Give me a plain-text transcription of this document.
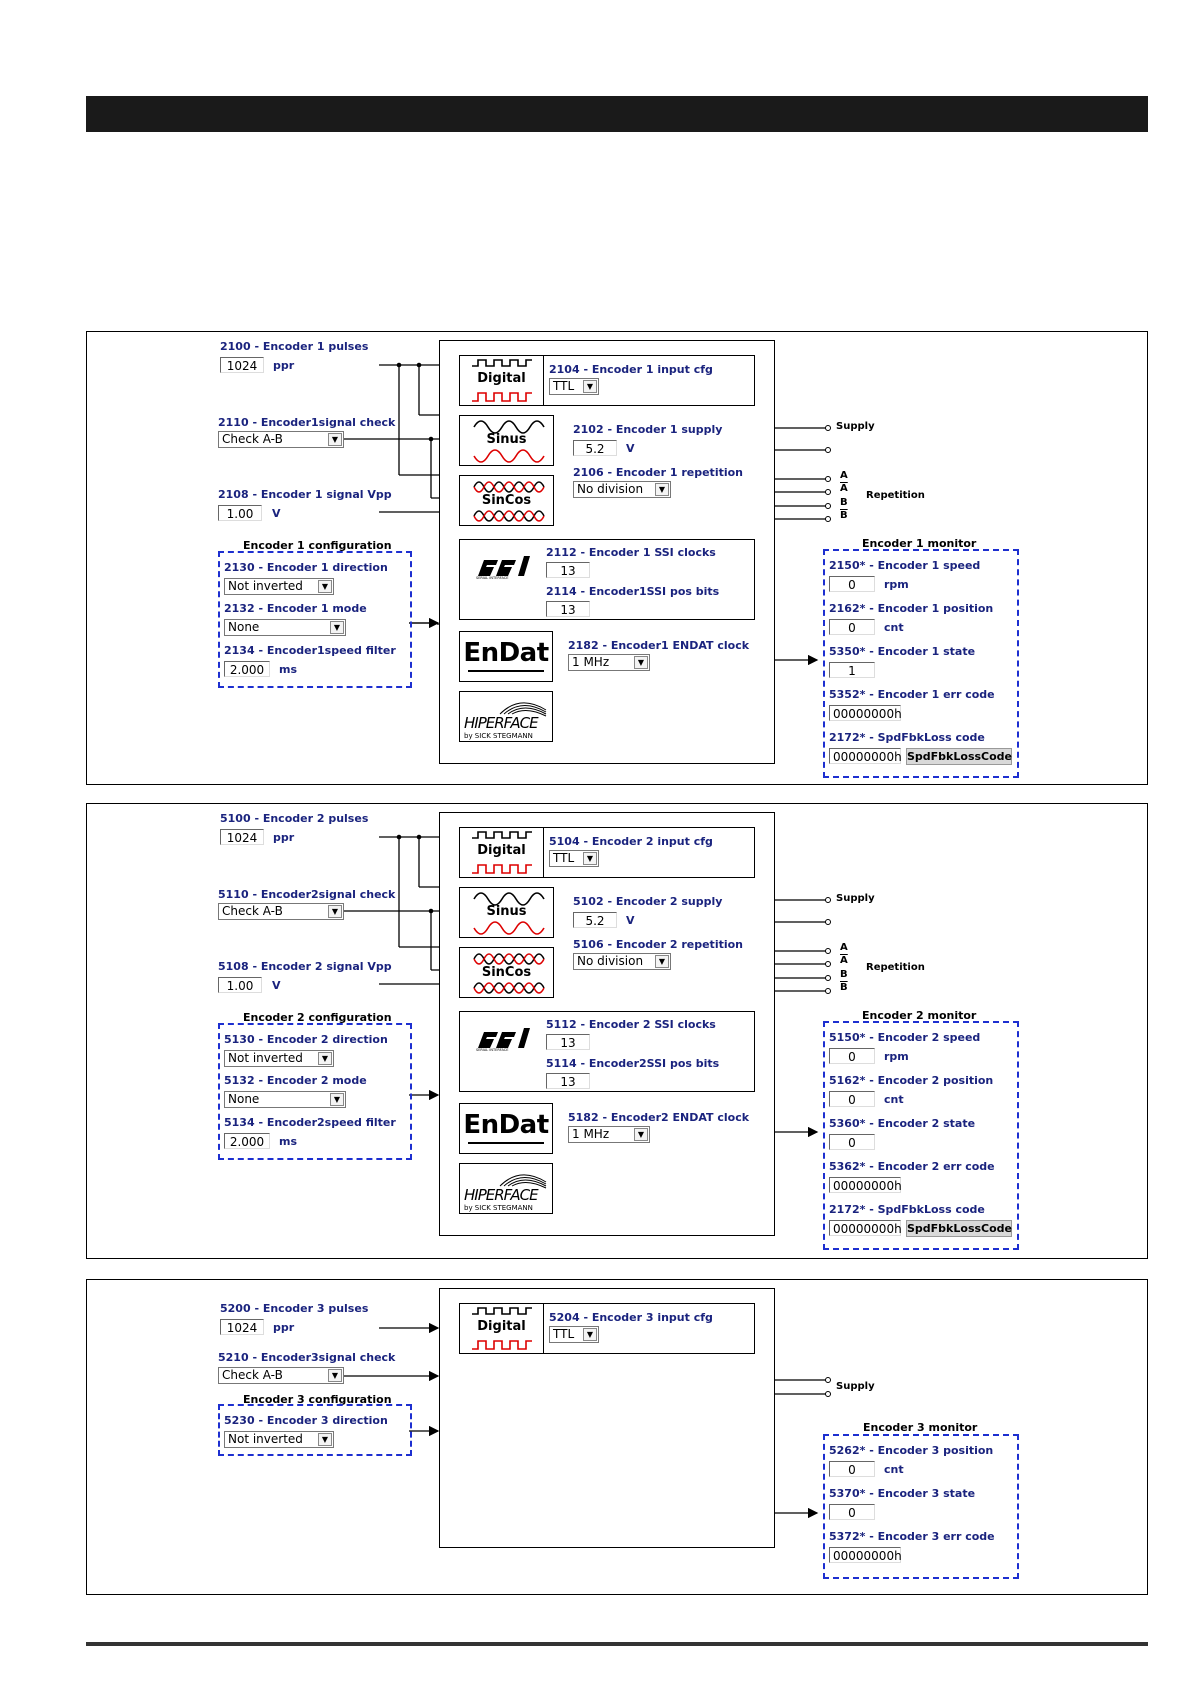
2100 - Encoder 1 pulses
1024	ppr
2110 - Encoder1signal check
Check A-B	▼
2108 - Encoder 1 signal Vpp
1.00	V
Encoder 1 configuration
2130 - Encoder 1 direction
Not inverted	▼
2132 - Encoder 1 mode
None	▼
2134 - Encoder1speed filter
2.000	ms
Digital
2104 - Encoder 1 input cfg
TTL	▼
Sinus
SinCos
2102 - Encoder 1 supply
5.2	V
2106 - Encoder 1 repetition
No division	▼
SERIAL INTERFACE
2112 - Encoder 1 SSI clocks
13
2114 - Encoder1SSI pos bits
13
EnDat	2182 - Encoder1 ENDAT clock
1 MHz	▼
HIPERFACE
by SICK STEGMANN
Supply
A
$\overline{A}$
B
$\overline{B}$
Repetition
Encoder 1 monitor
2150* - Encoder 1 speed
0	rpm
2162* - Encoder 1 position
0	cnt
5350* - Encoder 1 state
1
5352* - Encoder 1 err code
00000000h
2172* - SpdFbkLoss code
00000000h SpdFbkLossCode
5100 - Encoder 2 pulses
1024	ppr
5110 - Encoder2signal check
Check A-B	▼
5108 - Encoder 2 signal Vpp
1.00	V
Encoder 2 configuration
5130 - Encoder 2 direction
Not inverted	▼
5132 - Encoder 2 mode
None	▼
5134 - Encoder2speed filter
2.000	ms
Digital
5104 - Encoder 2 input cfg
TTL	▼
Sinus
SinCos
5102 - Encoder 2 supply
5.2	V
5106 - Encoder 2 repetition
No division	▼
SERIAL INTERFACE
5112 - Encoder 2 SSI clocks
13
5114 - Encoder2SSI pos bits
13
EnDat	5182 - Encoder2 ENDAT clock
1 MHz	▼
HIPERFACE
by SICK STEGMANN
Supply
A
$\overline{A}$
B
$\overline{B}$
Repetition
Encoder 2 monitor
5150* - Encoder 2 speed
0	rpm
5162* - Encoder 2 position
0	cnt
5360* - Encoder 2 state
0
5362* - Encoder 2 err code
00000000h
2172* - SpdFbkLoss code
00000000h SpdFbkLossCode
5200 - Encoder 3 pulses
1024	ppr
5210 - Encoder3signal check
Check A-B	▼
Encoder 3 configuration
5230 - Encoder 3 direction
Not inverted	▼
Digital
5204 - Encoder 3 input cfg
TTL	▼
Supply
Encoder 3 monitor
5262* - Encoder 3 position
0	cnt
5370* - Encoder 3 state
0
5372* - Encoder 3 err code
00000000h
